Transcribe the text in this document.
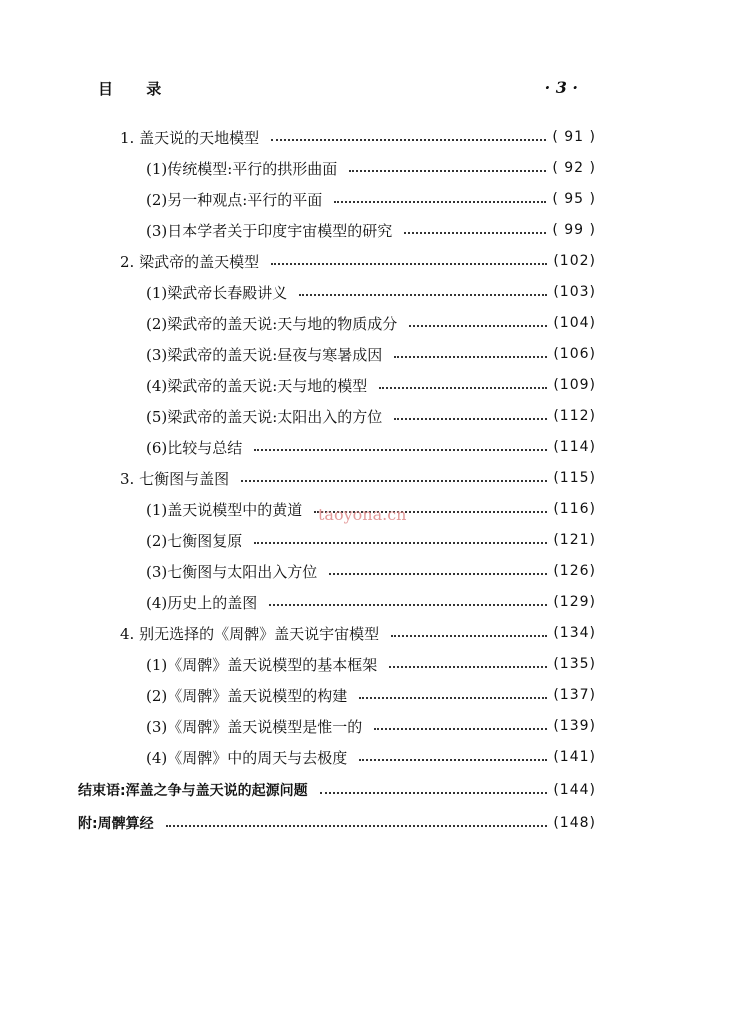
目 录	· 3 ·
1. 盖天说的天地模型	( 91 )
(1)传统模型:平行的拱形曲面	( 92 )
(2)另一种观点:平行的平面	( 95 )
(3)日本学者关于印度宇宙模型的研究	( 99 )
2. 梁武帝的盖天模型	(102)
(1)梁武帝长春殿讲义	(103)
(2)梁武帝的盖天说:天与地的物质成分	(104)
(3)梁武帝的盖天说:昼夜与寒暑成因	(106)
(4)梁武帝的盖天说:天与地的模型	(109)
(5)梁武帝的盖天说:太阳出入的方位	(112)
(6)比较与总结	(114)
3. 七衡图与盖图	(115)
(1)盖天说模型中的黄道	(116)
(2)七衡图复原	(121)
(3)七衡图与太阳出入方位	(126)
(4)历史上的盖图	(129)
4. 别无选择的《周髀》盖天说宇宙模型	(134)
(1)《周髀》盖天说模型的基本框架	(135)
(2)《周髀》盖天说模型的构建	(137)
(3)《周髀》盖天说模型是惟一的	(139)
(4)《周髀》中的周天与去极度	(141)
结束语:浑盖之争与盖天说的起源问题	(144)
附:周髀算经	(148)
taoyona.cn
